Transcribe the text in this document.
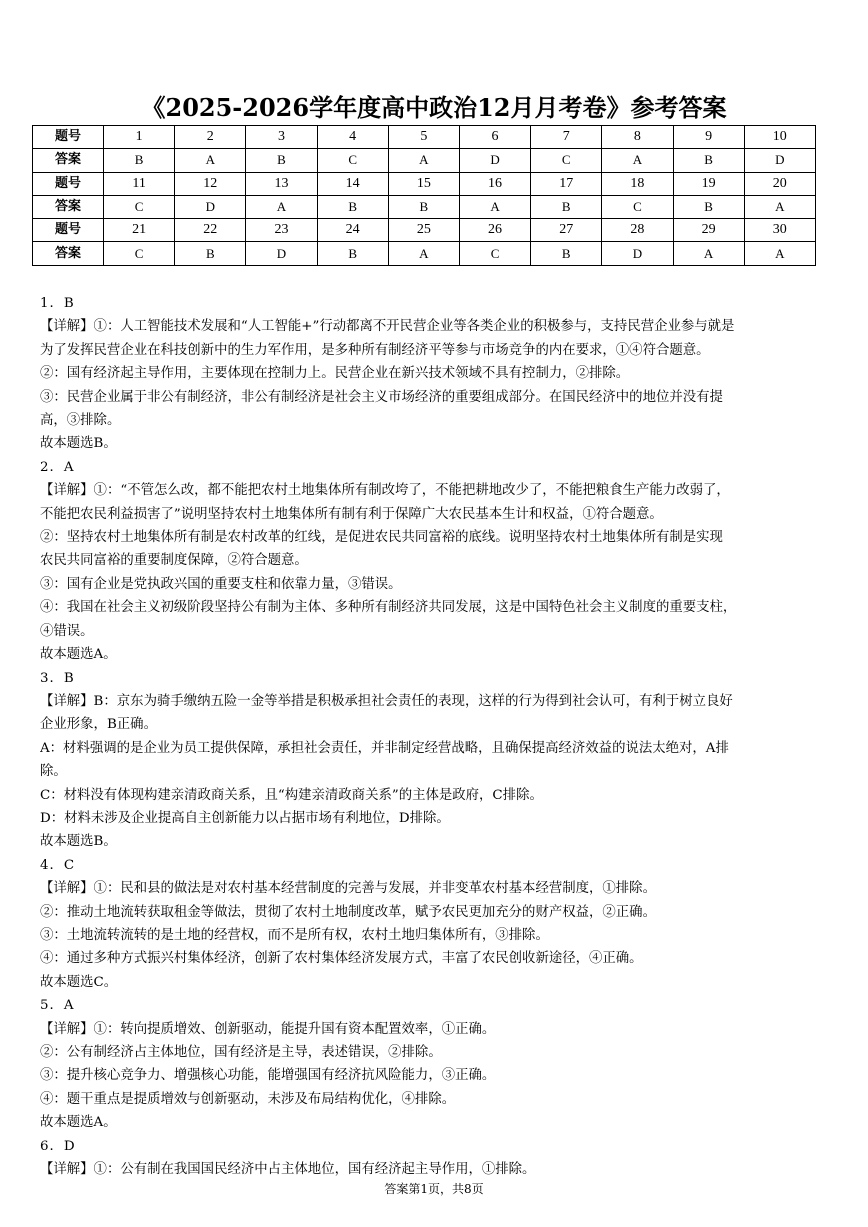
《2025-2026学年度高中政治12月月考卷》参考答案
题号	1	2	3	4	5	6	7	8	9	10
答案	B	A	B	C	A	D	C	A	B	D
题号	11	12	13	14	15	16	17	18	19	20
答案	C	D	A	B	B	A	B	C	B	A
题号	21	22	23	24	25	26	27	28	29	30
答案	C	B	D	B	A	C	B	D	A	A
1．B
【详解】①：人工智能技术发展和“人工智能+”行动都离不开民营企业等各类企业的积极参与，支持民营企业参与就是
为了发挥民营企业在科技创新中的生力军作用，是多种所有制经济平等参与市场竞争的内在要求，①④符合题意。
②：国有经济起主导作用，主要体现在控制力上。民营企业在新兴技术领域不具有控制力，②排除。
③：民营企业属于非公有制经济，非公有制经济是社会主义市场经济的重要组成部分。在国民经济中的地位并没有提
高，③排除。
故本题选B。
2．A
【详解】①：“不管怎么改，都不能把农村土地集体所有制改垮了，不能把耕地改少了，不能把粮食生产能力改弱了，
不能把农民利益损害了”说明坚持农村土地集体所有制有利于保障广大农民基本生计和权益，①符合题意。
②：坚持农村土地集体所有制是农村改革的红线，是促进农民共同富裕的底线。说明坚持农村土地集体所有制是实现
农民共同富裕的重要制度保障，②符合题意。
③：国有企业是党执政兴国的重要支柱和依靠力量，③错误。
④：我国在社会主义初级阶段坚持公有制为主体、多种所有制经济共同发展，这是中国特色社会主义制度的重要支柱，
④错误。
故本题选A。
3．B
【详解】B：京东为骑手缴纳五险一金等举措是积极承担社会责任的表现，这样的行为得到社会认可，有利于树立良好
企业形象，B正确。
A：材料强调的是企业为员工提供保障，承担社会责任，并非制定经营战略，且确保提高经济效益的说法太绝对，A排
除。
C：材料没有体现构建亲清政商关系，且“构建亲清政商关系”的主体是政府，C排除。
D：材料未涉及企业提高自主创新能力以占据市场有利地位，D排除。
故本题选B。
4．C
【详解】①：民和县的做法是对农村基本经营制度的完善与发展，并非变革农村基本经营制度，①排除。
②：推动土地流转获取租金等做法，贯彻了农村土地制度改革，赋予农民更加充分的财产权益，②正确。
③：土地流转流转的是土地的经营权，而不是所有权，农村土地归集体所有，③排除。
④：通过多种方式振兴村集体经济，创新了农村集体经济发展方式，丰富了农民创收新途径，④正确。
故本题选C。
5．A
【详解】①：转向提质增效、创新驱动，能提升国有资本配置效率，①正确。
②：公有制经济占主体地位，国有经济是主导，表述错误，②排除。
③：提升核心竞争力、增强核心功能，能增强国有经济抗风险能力，③正确。
④：题干重点是提质增效与创新驱动，未涉及布局结构优化，④排除。
故本题选A。
6．D
【详解】①：公有制在我国国民经济中占主体地位，国有经济起主导作用，①排除。
答案第1页，共8页
